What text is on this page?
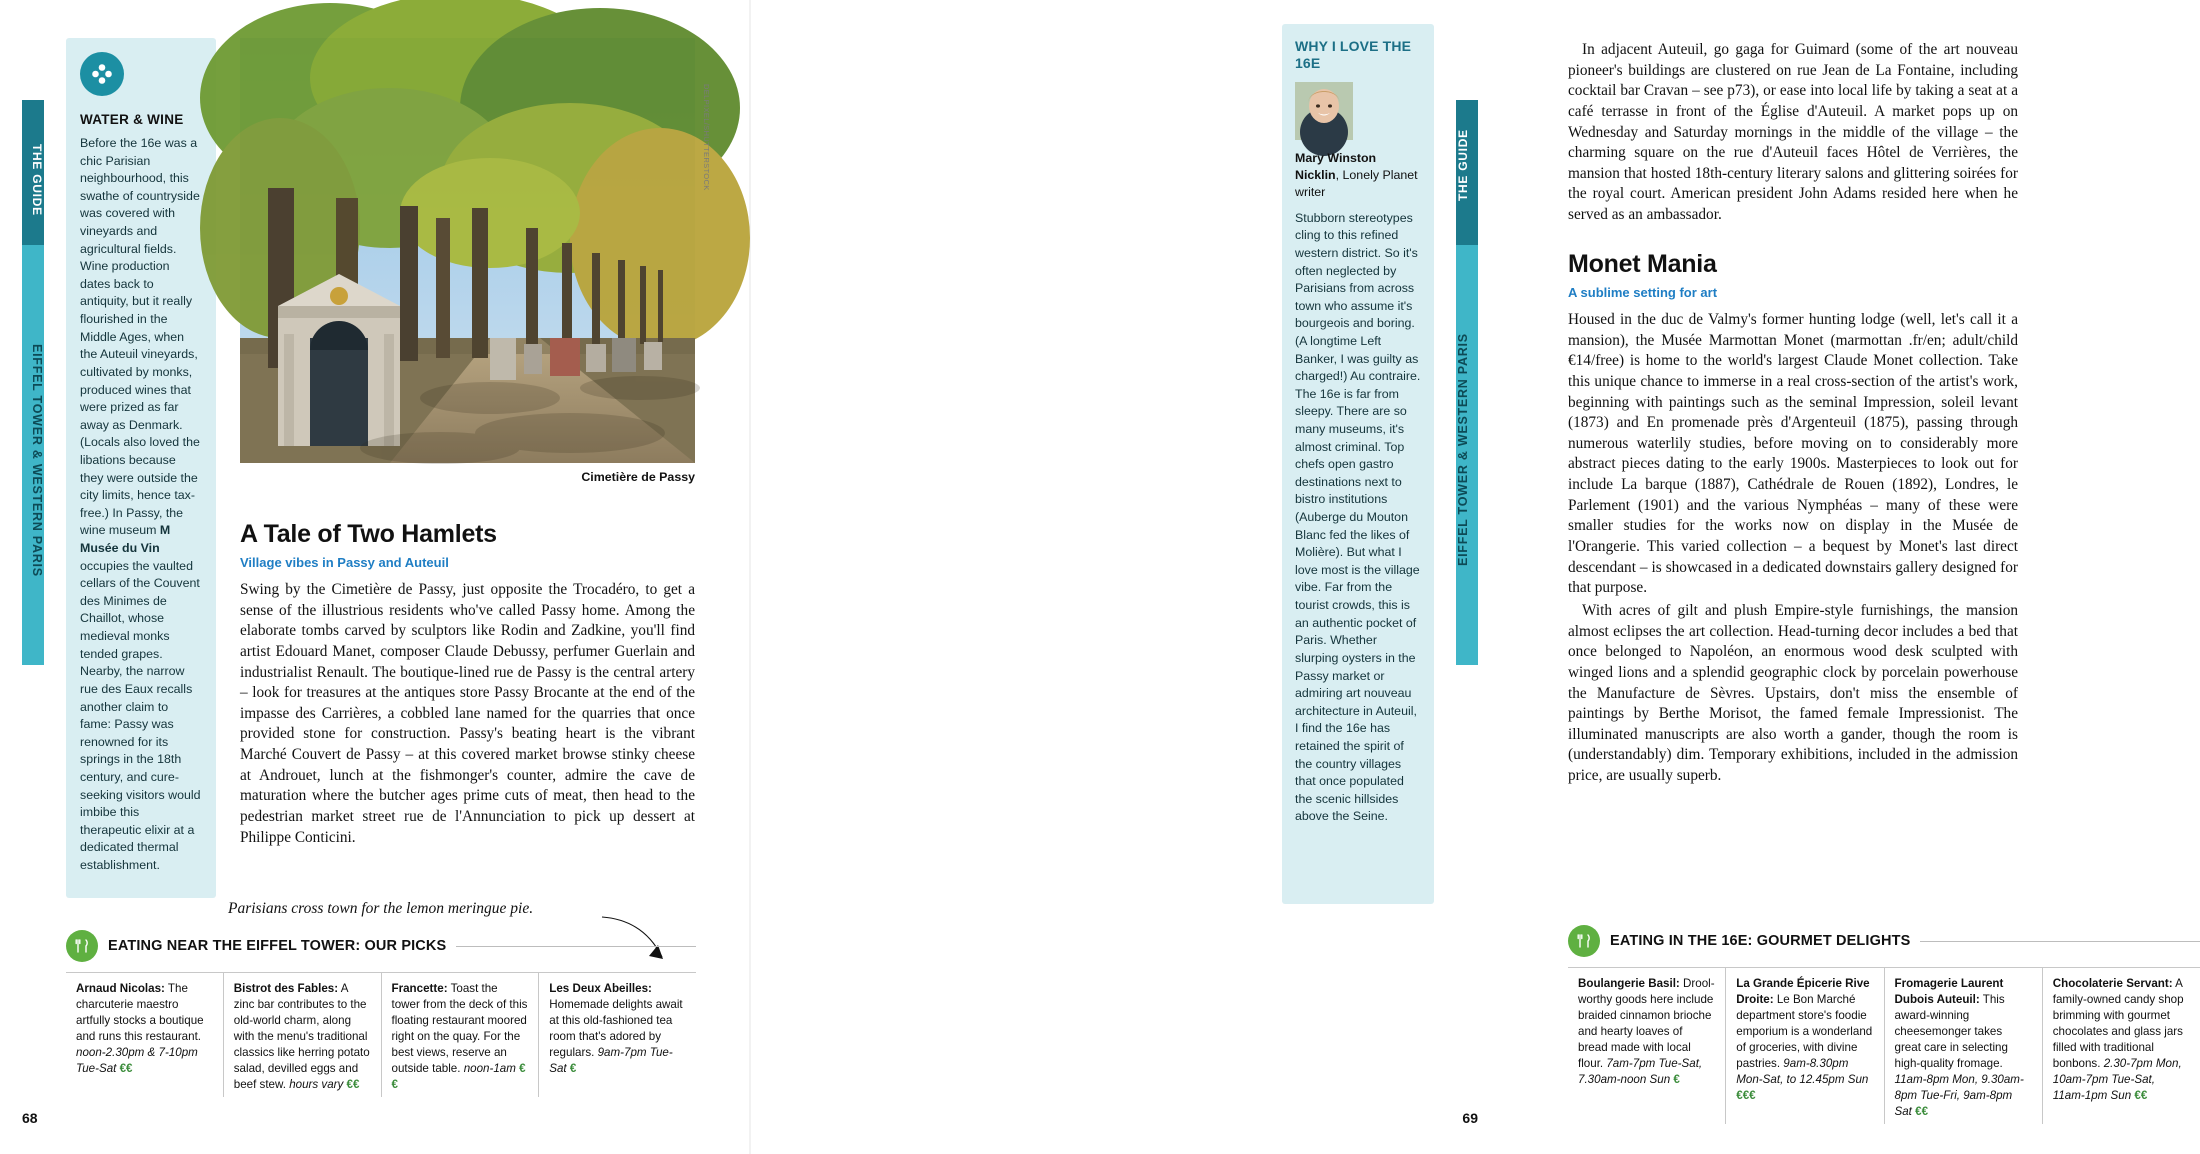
THE GUIDE
EIFFEL TOWER & WESTERN PARIS
WATER & WINE

Before the 16e was a chic Parisian neighbourhood, this swathe of countryside was covered with vineyards and agricultural fields. Wine production dates back to antiquity, but it really flourished in the Middle Ages, when the Auteuil vineyards, cultivated by monks, produced wines that were prized as far away as Denmark. (Locals also loved the libations because they were outside the city limits, hence tax-free.) In Passy, the wine museum M Musée du Vin occupies the vaulted cellars of the Couvent des Minimes de Chaillot, whose medieval monks tended grapes. Nearby, the narrow rue des Eaux recalls another claim to fame: Passy was renowned for its springs in the 18th century, and cure-seeking visitors would imbibe this therapeutic elixir at a dedicated thermal establishment.

DELPIXEL/SHUTTERSTOCK
Cimetière de Passy
A Tale of Two Hamlets
Village vibes in Passy and Auteuil

Swing by the Cimetière de Passy, just opposite the Trocadéro, to get a sense of the illustrious residents who've called Passy home. Among the elaborate tombs carved by sculptors like Rodin and Zadkine, you'll find artist Edouard Manet, composer Claude Debussy, perfumer Guerlain and industrialist Renault. The boutique-lined rue de Passy is the central artery – look for treasures at the antiques store Passy Brocante at the end of the impasse des Carrières, a cobbled lane named for the quarries that once provided stone for construction. Passy's beating heart is the vibrant Marché Couvert de Passy – at this covered market browse stinky cheese at Androuet, lunch at the fishmonger's counter, admire the cave de maturation where the butcher ages prime cuts of meat, then head to the pedestrian market street rue de l'Annunciation to pick up dessert at Philippe Conticini.

Parisians cross town for the lemon meringue pie.
EATING NEAR THE EIFFEL TOWER: OUR PICKS
Arnaud Nicolas: The charcuterie maestro artfully stocks a boutique and runs this restaurant. noon-2.30pm & 7-10pm Tue-Sat €€
Bistrot des Fables: A zinc bar contributes to the old-world charm, along with the menu's traditional classics like herring potato salad, devilled eggs and beef stew. hours vary €€
Francette: Toast the tower from the deck of this floating restaurant moored right on the quay. For the best views, reserve an outside table. noon-1am €€
Les Deux Abeilles: Homemade delights await at this old-fashioned tea room that's adored by regulars. 9am-7pm Tue-Sat €
68
THE GUIDE
EIFFEL TOWER & WESTERN PARIS

In adjacent Auteuil, go gaga for Guimard (some of the art nouveau pioneer's buildings are clustered on rue Jean de La Fontaine, including cocktail bar Cravan – see p73), or ease into local life by taking a seat at a café terrasse in front of the Église d'Auteuil. A market pops up on Wednesday and Saturday mornings in the middle of the village – the charming square on the rue d'Auteuil faces Hôtel de Verrières, the mansion that hosted 18th-century literary salons and glittering soirées for the royal court. American president John Adams resided here when he served as an ambassador.

Monet Mania
A sublime setting for art

Housed in the duc de Valmy's former hunting lodge (well, let's call it a mansion), the Musée Marmottan Monet (marmottan .fr/en; adult/child €14/free) is home to the world's largest Claude Monet collection. Take this unique chance to immerse in a real cross-section of the artist's work, beginning with paintings such as the seminal Impression, soleil levant (1873) and En promenade près d'Argenteuil (1875), passing through numerous waterlily studies, before moving on to considerably more abstract pieces dating to the early 1900s. Masterpieces to look out for include La barque (1887), Cathédrale de Rouen (1892), Londres, le Parlement (1901) and the various Nymphéas – many of these were smaller studies for the works now on display in the Musée de l'Orangerie. This varied collection – a bequest by Monet's last direct descendant – is showcased in a dedicated downstairs gallery designed for that purpose.

With acres of gilt and plush Empire-style furnishings, the mansion almost eclipses the art collection. Head-turning decor includes a bed that once belonged to Napoléon, an enormous wood desk sculpted with winged lions and a splendid geographic clock by porcelain powerhouse the Manufacture de Sèvres. Upstairs, don't miss the ensemble of paintings by Berthe Morisot, the famed female Impressionist. The illuminated manuscripts are also worth a gander, though the room is (understandably) dim. Temporary exhibitions, included in the admission price, are usually superb.

WHY I LOVE THE 16E

Mary Winston Nicklin, Lonely Planet writer

Stubborn stereotypes cling to this refined western district. So it's often neglected by Parisians from across town who assume it's bourgeois and boring. (A longtime Left Banker, I was guilty as charged!) Au contraire. The 16e is far from sleepy. There are so many museums, it's almost criminal. Top chefs open gastro destinations next to bistro institutions (Auberge du Mouton Blanc fed the likes of Molière). But what I love most is the village vibe. Far from the tourist crowds, this is an authentic pocket of Paris. Whether slurping oysters in the Passy market or admiring art nouveau architecture in Auteuil, I find the 16e has retained the spirit of the country villages that once populated the scenic hillsides above the Seine.

EATING IN THE 16E: GOURMET DELIGHTS
Boulangerie Basil: Drool-worthy goods here include braided cinnamon brioche and hearty loaves of bread made with local flour. 7am-7pm Tue-Sat, 7.30am-noon Sun €
La Grande Épicerie Rive Droite: Le Bon Marché department store's foodie emporium is a wonderland of groceries, with divine pastries. 9am-8.30pm Mon-Sat, to 12.45pm Sun €€€
Fromagerie Laurent Dubois Auteuil: This award-winning cheesemonger takes great care in selecting high-quality fromage. 11am-8pm Mon, 9.30am-8pm Tue-Fri, 9am-8pm Sat €€
Chocolaterie Servant: A family-owned candy shop brimming with gourmet chocolates and glass jars filled with traditional bonbons. 2.30-7pm Mon, 10am-7pm Tue-Sat, 11am-1pm Sun €€
69
